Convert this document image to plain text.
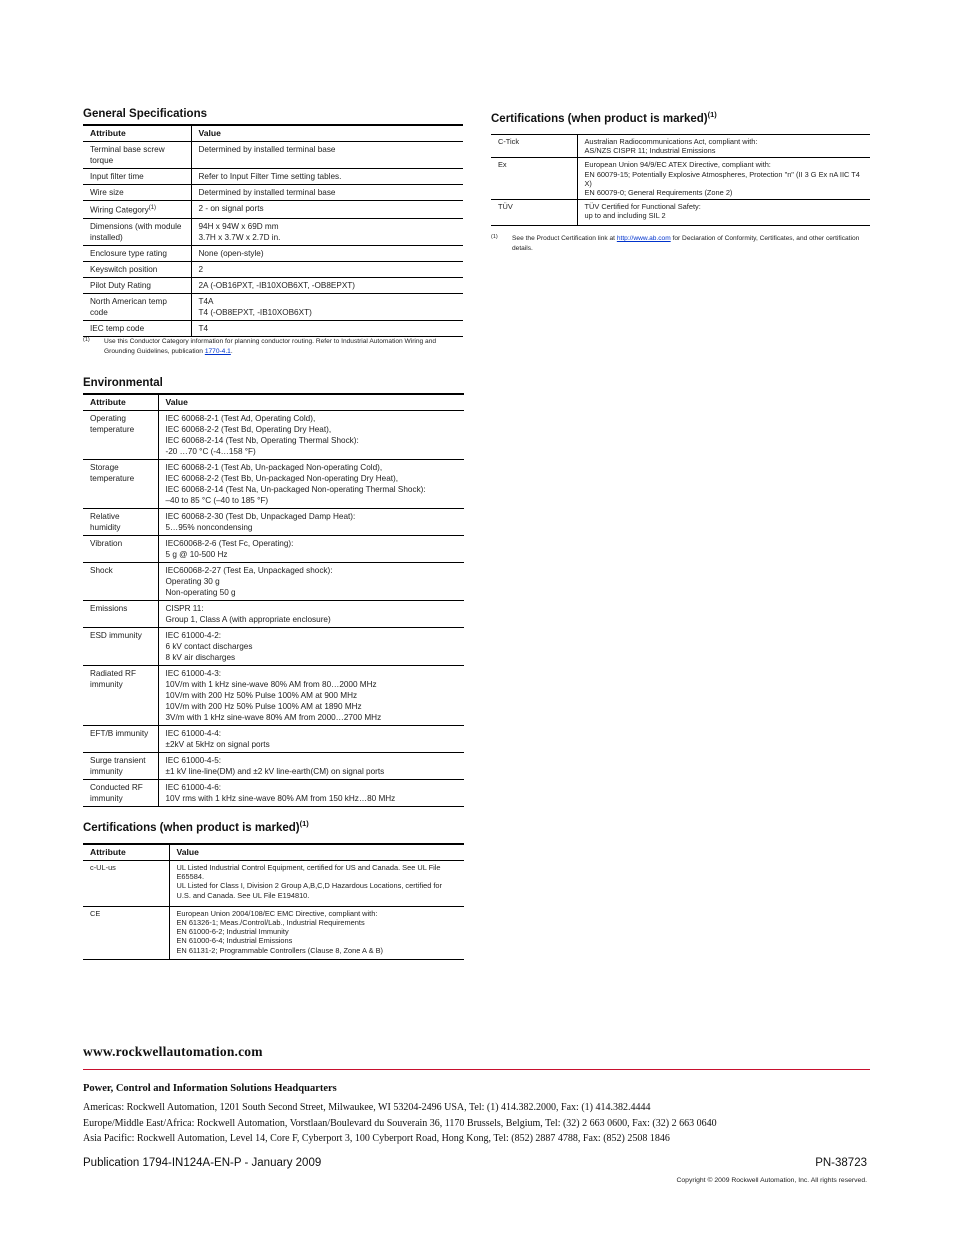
General Specifications
Attribute	Value
Terminal base screw torque	Determined by installed terminal base
Input filter time	Refer to Input Filter Time setting tables.
Wire size	Determined by installed terminal base
Wiring Category$^{(1)}$	2 - on signal ports
Dimensions (with module installed)	94H x 94W x 69D mm
3.7H x 3.7W x 2.7D in.
Enclosure type rating	None (open-style)
Keyswitch position	2
Pilot Duty Rating	2A (-OB16PXT, -IB10XOB6XT, -OB8EPXT)
North American temp code	T4A
T4 (-OB8EPXT, -IB10XOB6XT)
IEC temp code	T4
(1)	Use this Conductor Category information for planning conductor routing. Refer to Industrial Automation Wiring and Grounding Guidelines, publication 1770-4.1.
Environmental
Attribute	Value
Operating temperature	IEC 60068-2-1 (Test Ad, Operating Cold),
IEC 60068-2-2 (Test Bd, Operating Dry Heat),
IEC 60068-2-14 (Test Nb, Operating Thermal Shock):
-20 …70 °C (-4…158 °F)
Storage temperature	IEC 60068-2-1 (Test Ab, Un-packaged Non-operating Cold),
IEC 60068-2-2 (Test Bb, Un-packaged Non-operating Dry Heat),
IEC 60068-2-14 (Test Na, Un-packaged Non-operating Thermal Shock):
–40 to 85 °C (–40 to 185 °F)
Relative humidity	IEC 60068-2-30 (Test Db, Unpackaged Damp Heat):
5…95% noncondensing
Vibration	IEC60068-2-6 (Test Fc, Operating):
5 g @ 10-500 Hz
Shock	IEC60068-2-27 (Test Ea, Unpackaged shock):
Operating 30 g
Non-operating 50 g
Emissions	CISPR 11:
Group 1, Class A (with appropriate enclosure)
ESD immunity	IEC 61000-4-2:
6 kV contact discharges
8 kV air discharges
Radiated RF immunity	IEC 61000-4-3:
10V/m with 1 kHz sine-wave 80% AM from 80…2000 MHz
10V/m with 200 Hz 50% Pulse 100% AM at 900 MHz
10V/m with 200 Hz 50% Pulse 100% AM at 1890 MHz
3V/m with 1 kHz sine-wave 80% AM from 2000…2700 MHz
EFT/B immunity	IEC 61000-4-4:
±2kV at 5kHz on signal ports
Surge transient immunity	IEC 61000-4-5:
±1 kV line-line(DM) and ±2 kV line-earth(CM) on signal ports
Conducted RF immunity	IEC 61000-4-6:
10V rms with 1 kHz sine-wave 80% AM from 150 kHz…80 MHz
Certifications (when product is marked)$^{(1)}$
Attribute	Value
c-UL-us	UL Listed Industrial Control Equipment, certified for US and Canada. See UL File E65584.
UL Listed for Class I, Division 2 Group A,B,C,D Hazardous Locations, certified for U.S. and Canada. See UL File E194810.
CE	European Union 2004/108/EC EMC Directive, compliant with:
EN 61326-1; Meas./Control/Lab., Industrial Requirements
EN 61000-6-2; Industrial Immunity
EN 61000-6-4; Industrial Emissions
EN 61131-2; Programmable Controllers (Clause 8, Zone A & B)
Certifications (when product is marked)$^{(1)}$
C-Tick	Australian Radiocommunications Act, compliant with:
AS/NZS CISPR 11; Industrial Emissions
Ex	European Union 94/9/EC ATEX Directive, compliant with:
EN 60079-15; Potentially Explosive Atmospheres, Protection "n" (II 3 G Ex nA IIC T4 X)
EN 60079-0; General Requirements (Zone 2)
TÜV	TÜV Certified for Functional Safety:
up to and including SIL 2
(1)	See the Product Certification link at http://www.ab.com for Declaration of Conformity, Certificates, and other certification details.
www.rockwellautomation.com
Power, Control and Information Solutions Headquarters
Americas: Rockwell Automation, 1201 South Second Street, Milwaukee, WI 53204-2496 USA, Tel: (1) 414.382.2000, Fax: (1) 414.382.4444
Europe/Middle East/Africa: Rockwell Automation, Vorstlaan/Boulevard du Souverain 36, 1170 Brussels, Belgium, Tel: (32) 2 663 0600, Fax: (32) 2 663 0640
Asia Pacific: Rockwell Automation, Level 14, Core F, Cyberport 3, 100 Cyberport Road, Hong Kong, Tel: (852) 2887 4788, Fax: (852) 2508 1846
Publication 1794-IN124A-EN-P - January 2009	PN-38723
Copyright © 2009 Rockwell Automation, Inc. All rights reserved.
